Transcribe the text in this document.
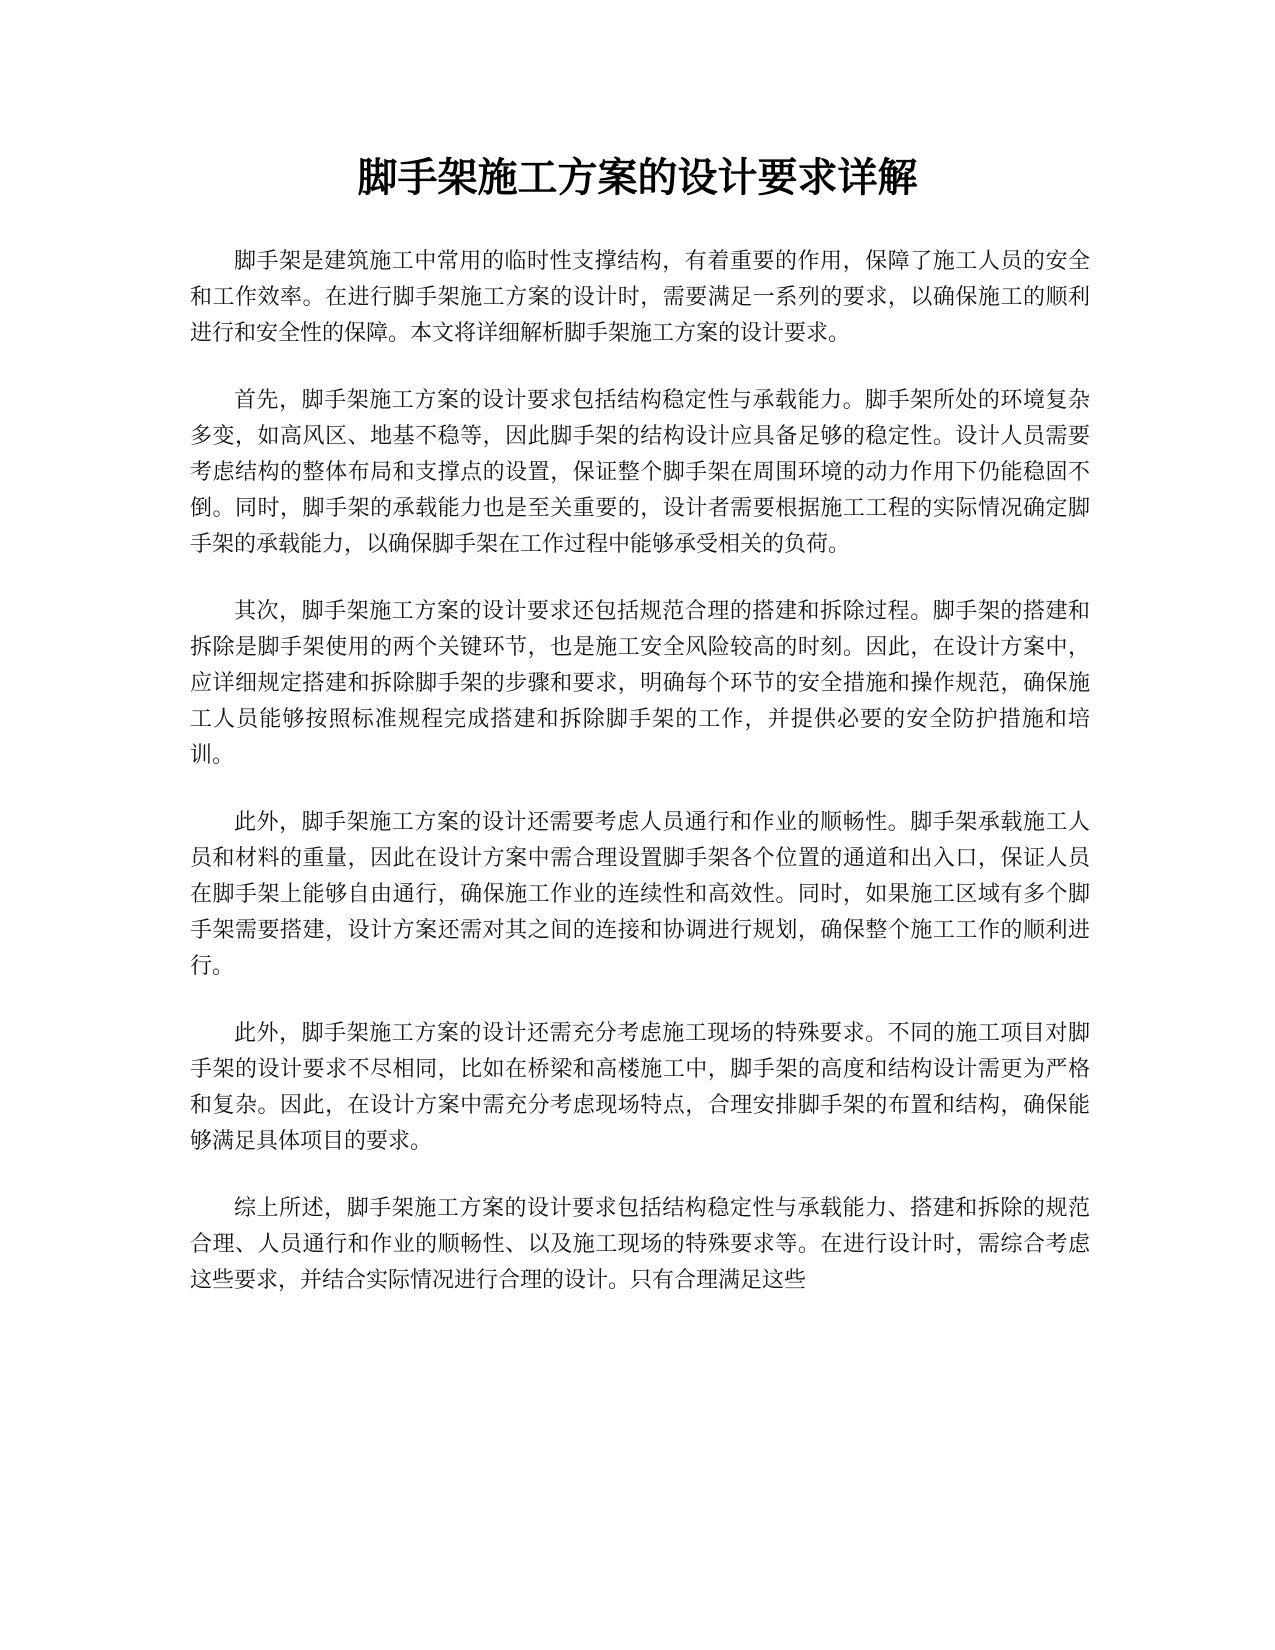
脚手架施工方案的设计要求详解

脚手架是建筑施工中常用的临时性支撑结构，有着重要的作用，保障了施工人员的安全和工作效率。在进行脚手架施工方案的设计时，需要满足一系列的要求，以确保施工的顺利进行和安全性的保障。本文将详细解析脚手架施工方案的设计要求。

首先，脚手架施工方案的设计要求包括结构稳定性与承载能力。脚手架所处的环境复杂多变，如高风区、地基不稳等，因此脚手架的结构设计应具备足够的稳定性。设计人员需要考虑结构的整体布局和支撑点的设置，保证整个脚手架在周围环境的动力作用下仍能稳固不倒。同时，脚手架的承载能力也是至关重要的，设计者需要根据施工工程的实际情况确定脚手架的承载能力，以确保脚手架在工作过程中能够承受相关的负荷。

其次，脚手架施工方案的设计要求还包括规范合理的搭建和拆除过程。脚手架的搭建和拆除是脚手架使用的两个关键环节，也是施工安全风险较高的时刻。因此，在设计方案中，应详细规定搭建和拆除脚手架的步骤和要求，明确每个环节的安全措施和操作规范，确保施工人员能够按照标准规程完成搭建和拆除脚手架的工作，并提供必要的安全防护措施和培训。

此外，脚手架施工方案的设计还需要考虑人员通行和作业的顺畅性。脚手架承载施工人员和材料的重量，因此在设计方案中需合理设置脚手架各个位置的通道和出入口，保证人员在脚手架上能够自由通行，确保施工作业的连续性和高效性。同时，如果施工区域有多个脚手架需要搭建，设计方案还需对其之间的连接和协调进行规划，确保整个施工工作的顺利进行。

此外，脚手架施工方案的设计还需充分考虑施工现场的特殊要求。不同的施工项目对脚手架的设计要求不尽相同，比如在桥梁和高楼施工中，脚手架的高度和结构设计需更为严格和复杂。因此，在设计方案中需充分考虑现场特点，合理安排脚手架的布置和结构，确保能够满足具体项目的要求。

综上所述，脚手架施工方案的设计要求包括结构稳定性与承载能力、搭建和拆除的规范合理、人员通行和作业的顺畅性、以及施工现场的特殊要求等。在进行设计时，需综合考虑这些要求，并结合实际情况进行合理的设计。只有合理满足这些
